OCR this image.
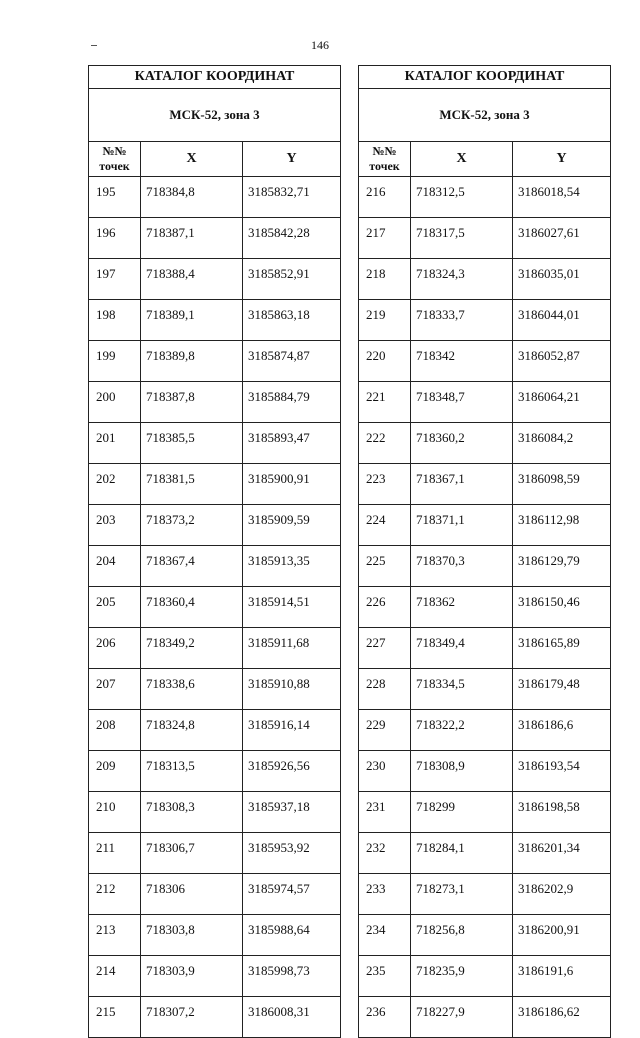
146
КАТАЛОГ КООРДИНАТ		
МСК-52, зона 3		
№№
точек	X	Y
195	718384,8	3185832,71
196	718387,1	3185842,28
197	718388,4	3185852,91
198	718389,1	3185863,18
199	718389,8	3185874,87
200	718387,8	3185884,79
201	718385,5	3185893,47
202	718381,5	3185900,91
203	718373,2	3185909,59
204	718367,4	3185913,35
205	718360,4	3185914,51
206	718349,2	3185911,68
207	718338,6	3185910,88
208	718324,8	3185916,14
209	718313,5	3185926,56
210	718308,3	3185937,18
211	718306,7	3185953,92
212	718306	3185974,57
213	718303,8	3185988,64
214	718303,9	3185998,73
215	718307,2	3186008,31
КАТАЛОГ КООРДИНАТ		
МСК-52, зона 3		
№№
точек	X	Y
216	718312,5	3186018,54
217	718317,5	3186027,61
218	718324,3	3186035,01
219	718333,7	3186044,01
220	718342	3186052,87
221	718348,7	3186064,21
222	718360,2	3186084,2
223	718367,1	3186098,59
224	718371,1	3186112,98
225	718370,3	3186129,79
226	718362	3186150,46
227	718349,4	3186165,89
228	718334,5	3186179,48
229	718322,2	3186186,6
230	718308,9	3186193,54
231	718299	3186198,58
232	718284,1	3186201,34
233	718273,1	3186202,9
234	718256,8	3186200,91
235	718235,9	3186191,6
236	718227,9	3186186,62
